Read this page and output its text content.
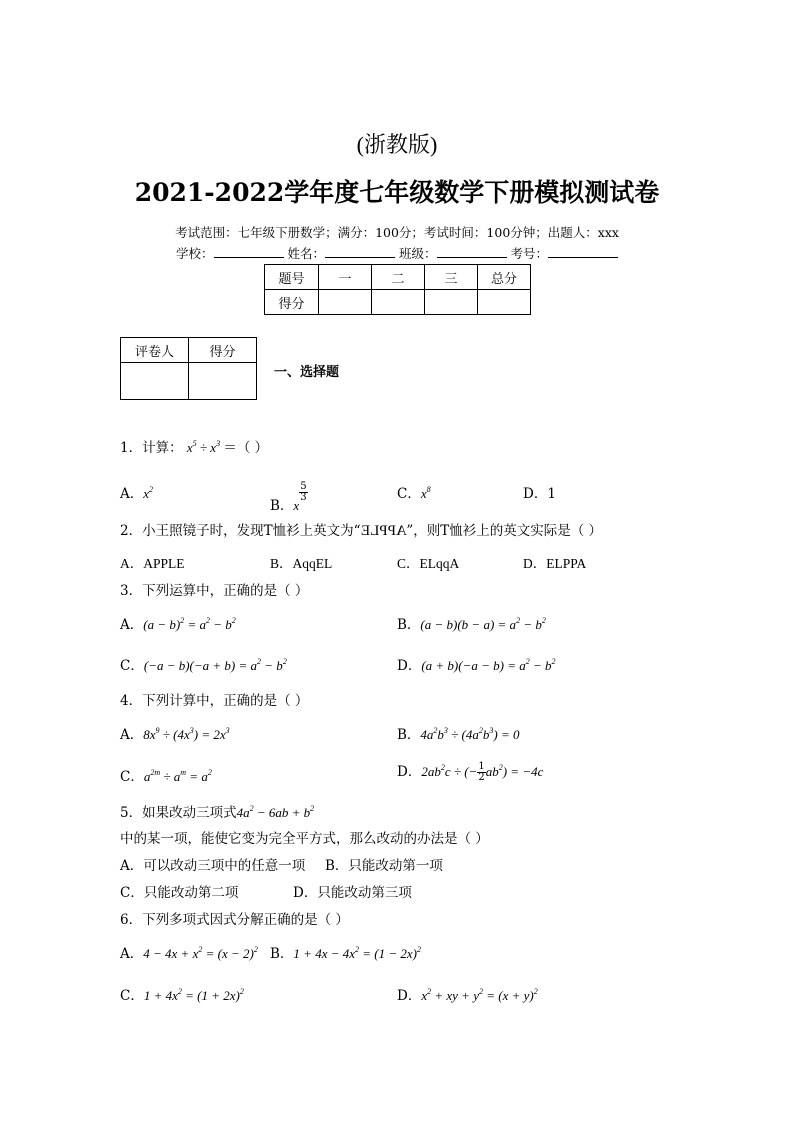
(浙教版)
2021-2022学年度七年级数学下册模拟测试卷
考试范围：七年级下册数学；满分：100分；考试时间：100分钟；出题人：xxx
学校：	姓名：	班级：	考号：
题号	一	二	三	总分
得分				
评卷人	得分

一、选择题
1．计算： $x^5 \div x^3$ ＝（ ）
A．$x^2$
B．x
$\frac{5}{3}$	C．$x^8$	D．1
2．小王照镜子时，发现T恤衫上英文为“APPLE”，则T恤衫上的英文实际是（ ）
A．APPLE	B．AqqEL	C．ELqqA	D．ELPPA
3．下列运算中，正确的是（ ）
A．$(a - b)^2 = a^2 - b^2$	B．$(a - b)(b - a) = a^2 - b^2$
C．$(-a - b)(-a + b) = a^2 - b^2$	D．$(a + b)(-a - b) = a^2 - b^2$
4．下列计算中，正确的是（ ）
A．$8x^9 \div (4x^3) = 2x^3$	B．$4a^2b^3 \div (4a^2b^3) = 0$
C．$a^{2m} \div a^m = a^2$	D．$2ab^2c$ ÷ (− $\frac{1}{2} ab^2) = -4c$
5．如果改动三项式$4a^2 - 6ab + b^2$
中的某一项，能使它变为完全平方式，那么改动的办法是（ ）
A．可以改动三项中的任意一项 B．只能改动第一项
C．只能改动第二项	D．只能改动第三项
6．下列多项式因式分解正确的是（ ）
A．$4 - 4x + x^2 = (x - 2)^2$ B．$1 + 4x - 4x^2 = (1 - 2x)^2$
C．$1 + 4x^2 = (1 + 2x)^2$	D．$x^2$ + xy + $y^2 = (x + y)^2$
